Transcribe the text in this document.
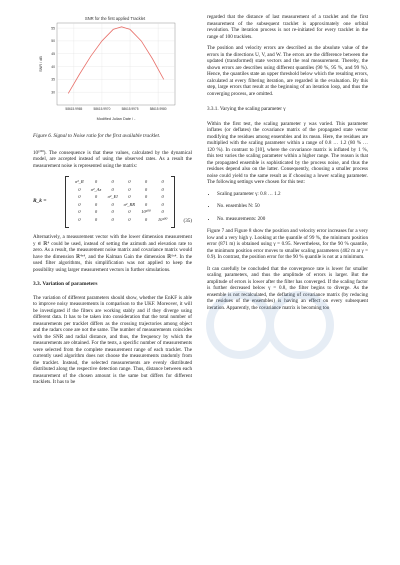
SNR for the first applied Tracklet
30
35
40
45
50
55
58615.9965	58615.9970	58615.9975	58615.9980
Modified Julian Date / -
SNR / dB

Figure 6. Signal to Noise ratio for the first available tracklet.

10¹⁰⁰). The consequence is that these values, calculated by the dynamical model, are accepted instead of using the observed rates. As a result the measurement noise is represented using the matrix:

R_k =
σ²_R	0	0	0	0	0
0	σ²_Az	0	0	0	0
0	0	σ²_El	0	0	0
0	0	0	σ²_RR	0	0
0	0	0	0	10¹⁰⁰	0
0	0	0	0	0	10¹⁰⁰	(35)

Alternatively, a measurement vector with the lower dimension measurement y ∈ ℝ⁴ could be used, instead of setting the azimuth and elevation rate to zero. As a result, the measurement noise matrix and covariance matrix would have the dimension ℝ⁴ˣ⁴, and the Kalman Gain the dimension ℝ⁶ˣ⁴. In the used filter algorithms, this simplification was not applied to keep the possibility using larger measurement vectors in further simulations.

3.3. Variation of parameters

The variation of different parameters should show, whether the EnKF is able to improve noisy measurements in comparison to the UKF. Moreover, it will be investigated if the filters are working stably and if they diverge using different data. It has to be taken into consideration that the total number of measurements per tracklet differs as the crossing trajectories among object and the radars cone are not the same. The number of measurements coincides with the SNR and radial distance, and thus, the frequency by which the measurements are obtained. For the tests, a specific number of measurements were selected from the complete measurement range of each tracklet. The currently used algorithm does not choose the measurements randomly from the tracklet. Instead, the selected measurements are evenly distributed distributed along the respective detection range. Thus, distance between each measurement of the chosen amount is the same but differs for different tracklets. It has to be

regarded that the distance of last measurement of a tracklet and the first measurement of the subsequent tracklet is approximately one orbital revolution. The iteration process is not re-initiated for every tracklet in the range of 100 tracklets.

The position and velocity errors are described as the absolute value of the errors in the directions U, V, and W. The errors are the difference between the updated (transformed) state vectors and the real measurement. Thereby, the shown errors are describes using different quantiles (90 %, 95 %, and 99 %). Hence, the quantiles state an upper threshold below which the resulting errors, calculated at every filtering iteration, are regarded in the evaluation. By this step, large errors that result at the beginning of an iteration loop, and thus the converging process, are omitted.

3.3.1. Varying the scaling parameter γ

Within the first test, the scaling parameter γ was varied. This parameter inflates (or deflates) the covariance matrix of the propagated state vector modifying the residues among ensembles and its mean. Here, the residues are multiplied with the scaling parameter within a range of 0.8 … 1.2 (80 % … 120 %). In contrast to [10], where the covariance matrix is inflated by 1 %, this test varies the scaling parameter within a higher range. The reason is that the propagated ensemble is sophisticated by the process noise, and thus the residues depend also on the latter. Consequently, choosing a smaller process noise could yield to the same result as if choosing a lower scaling parameter. The following settings were chosen for this test:

• Scaling parameter γ: 0.8 … 1.2
• No. ensembles N: 50
• No. measurements: 200

Figure 7 and Figure 8 show the position and velocity error increases for a very low and a very high γ. Looking at the quantile of 99 %, the minimum position error (871 m) is obtained using γ = 0.95. Nevertheless, for the 90 % quantile, the minimum position error moves to smaller scaling parameters (402 m at γ = 0.9). In contrast, the position error for the 90 % quantile is not at a minimum.

It can carefully be concluded that the convergence rate is lower for smaller scaling parameters, and thus the amplitude of errors is larger. But the amplitude of errors is lower after the filter has converged. If the scaling factor is further decreased below γ = 0.8, the filter begins to diverge. As the ensemble is not recalculated, the deflating of covariance matrix (by reducing the residues of the ensembles) is having an effect on every subsequent iteration. Apparently, the covariance matrix is becoming too
